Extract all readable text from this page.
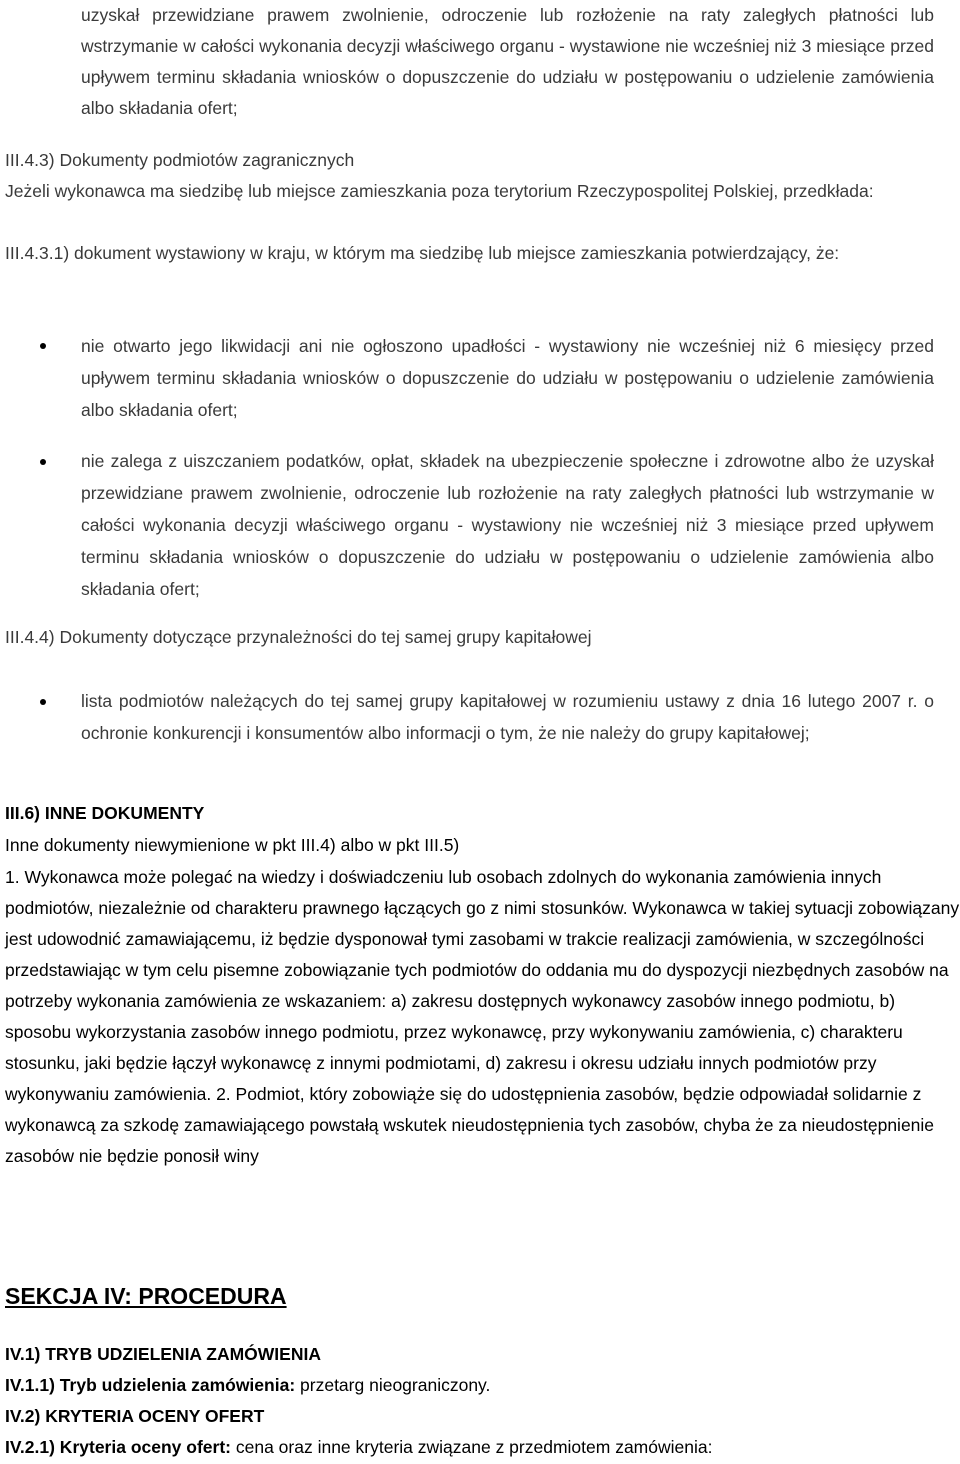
uzyskał przewidziane prawem zwolnienie, odroczenie lub rozłożenie na raty zaległych płatności lub wstrzymanie w całości wykonania decyzji właściwego organu - wystawione nie wcześniej niż 3 miesiące przed upływem terminu składania wniosków o dopuszczenie do udziału w postępowaniu o udzielenie zamówienia albo składania ofert;

III.4.3) Dokumenty podmiotów zagranicznych

Jeżeli wykonawca ma siedzibę lub miejsce zamieszkania poza terytorium Rzeczypospolitej Polskiej, przedkłada:

III.4.3.1) dokument wystawiony w kraju, w którym ma siedzibę lub miejsce zamieszkania potwierdzający, że:

nie otwarto jego likwidacji ani nie ogłoszono upadłości - wystawiony nie wcześniej niż 6 miesięcy przed upływem terminu składania wniosków o dopuszczenie do udziału w postępowaniu o udzielenie zamówienia albo składania ofert;

nie zalega z uiszczaniem podatków, opłat, składek na ubezpieczenie społeczne i zdrowotne albo że uzyskał przewidziane prawem zwolnienie, odroczenie lub rozłożenie na raty zaległych płatności lub wstrzymanie w całości wykonania decyzji właściwego organu - wystawiony nie wcześniej niż 3 miesiące przed upływem terminu składania wniosków o dopuszczenie do udziału w postępowaniu o udzielenie zamówienia albo składania ofert;

III.4.4) Dokumenty dotyczące przynależności do tej samej grupy kapitałowej

lista podmiotów należących do tej samej grupy kapitałowej w rozumieniu ustawy z dnia 16 lutego 2007 r. o ochronie konkurencji i konsumentów albo informacji o tym, że nie należy do grupy kapitałowej;

III.6) INNE DOKUMENTY

Inne dokumenty niewymienione w pkt III.4) albo w pkt III.5)

1. Wykonawca może polegać na wiedzy i doświadczeniu lub osobach zdolnych do wykonania zamówienia innych podmiotów, niezależnie od charakteru prawnego łączących go z nimi stosunków. Wykonawca w takiej sytuacji zobowiązany jest udowodnić zamawiającemu, iż będzie dysponował tymi zasobami w trakcie realizacji zamówienia, w szczególności przedstawiając w tym celu pisemne zobowiązanie tych podmiotów do oddania mu do dyspozycji niezbędnych zasobów na potrzeby wykonania zamówienia ze wskazaniem: a) zakresu dostępnych wykonawcy zasobów innego podmiotu, b) sposobu wykorzystania zasobów innego podmiotu, przez wykonawcę, przy wykonywaniu zamówienia, c) charakteru stosunku, jaki będzie łączył wykonawcę z innymi podmiotami, d) zakresu i okresu udziału innych podmiotów przy wykonywaniu zamówienia. 2. Podmiot, który zobowiąże się do udostępnienia zasobów, będzie odpowiadał solidarnie z wykonawcą za szkodę zamawiającego powstałą wskutek nieudostępnienia tych zasobów, chyba że za nieudostępnienie zasobów nie będzie ponosił winy

SEKCJA IV: PROCEDURA

IV.1) TRYB UDZIELENIA ZAMÓWIENIA

IV.1.1) Tryb udzielenia zamówienia: przetarg nieograniczony.

IV.2) KRYTERIA OCENY OFERT

IV.2.1) Kryteria oceny ofert: cena oraz inne kryteria związane z przedmiotem zamówienia:
